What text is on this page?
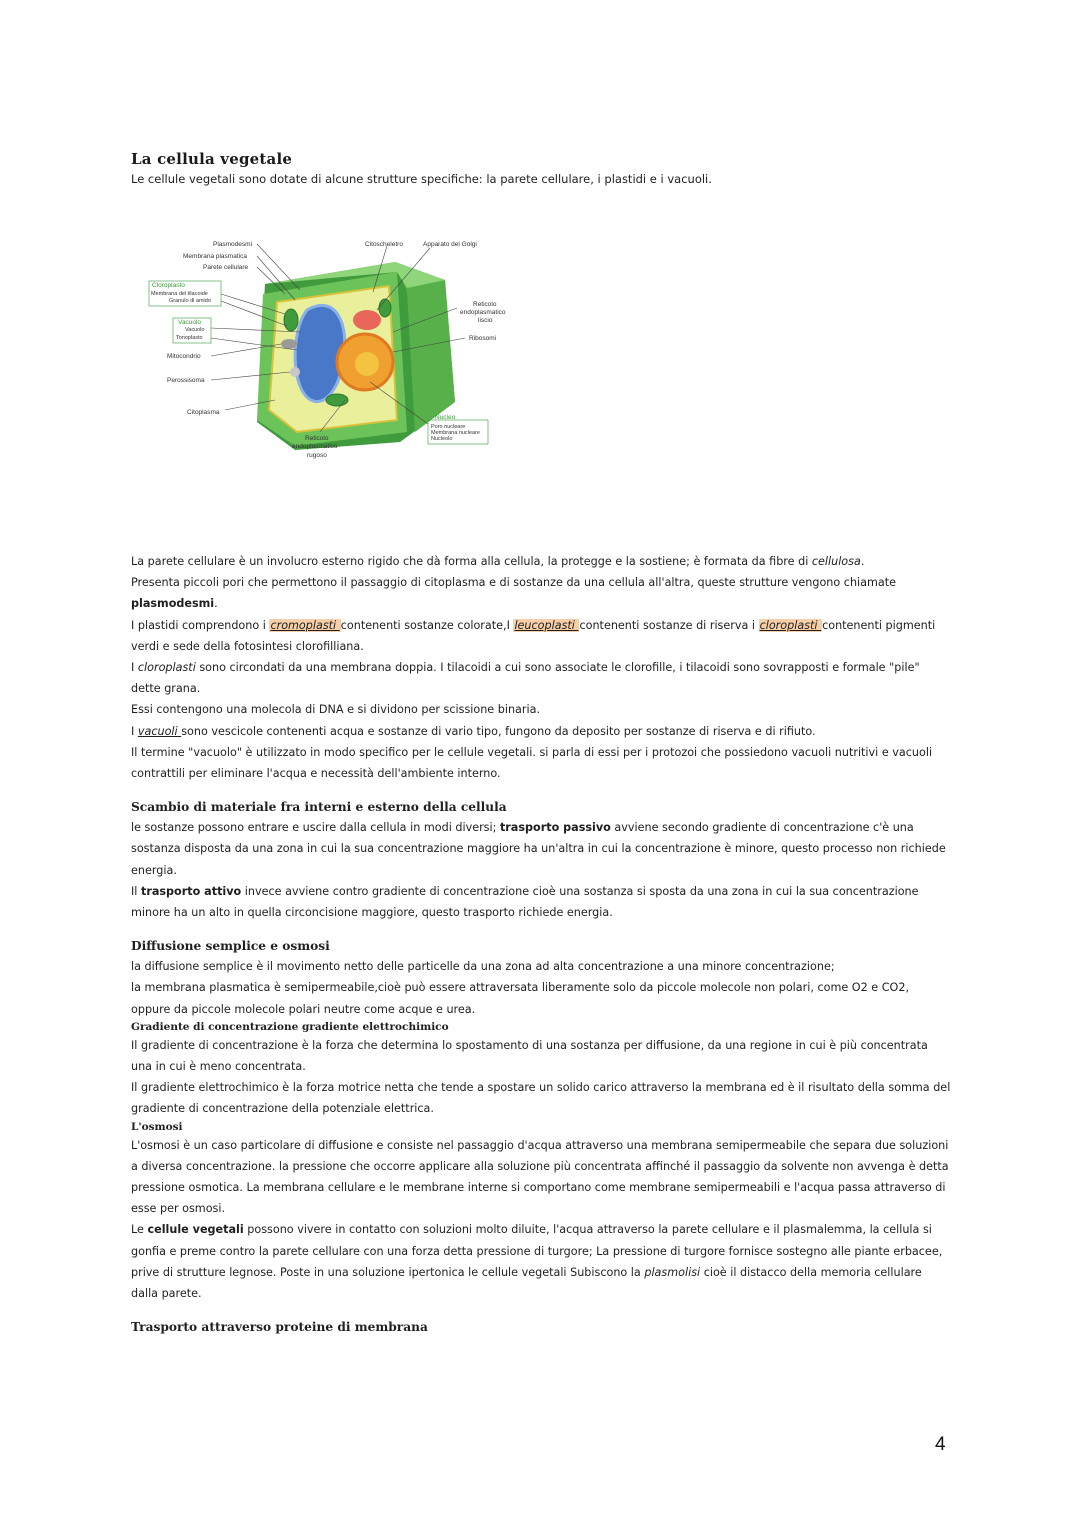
La cellula vegetale
Le cellule vegetali sono dotate di alcune strutture specifiche: la parete cellulare, i plastidi e i vacuoli.
Plasmodesmi
Membrana plasmatica
Parete cellulare
Cloroplasto
Membrana del tilacoide
Granulo di amido
Vacuolo
Vacuolo
Tonoplasto
Mitocondrio
Perossisoma
Citoplasma
Citoscheletro	Apparato del Golgi
Reticolo
endoplasmatico
liscio
Ribosomi
Reticolo
endoplasmatico
rugoso
Nucleo
Poro nucleare
Membrana nucleare
Nucleolo

La parete cellulare è un involucro esterno rigido che dà forma alla cellula, la protegge e la sostiene; è formata da fibre di cellulosa.

Presenta piccoli pori che permettono il passaggio di citoplasma e di sostanze da una cellula all'altra, queste strutture vengono chiamate plasmodesmi.

I plastidi comprendono i cromoplasti contenenti sostanze colorate,I leucoplasti contenenti sostanze di riserva i cloroplasti contenenti pigmenti verdi e sede della fotosintesi clorofilliana.

I cloroplasti sono circondati da una membrana doppia. I tilacoidi a cui sono associate le clorofille, i tilacoidi sono sovrapposti e formale "pile" dette grana.

Essi contengono una molecola di DNA e si dividono per scissione binaria.

I vacuoli sono vescicole contenenti acqua e sostanze di vario tipo, fungono da deposito per sostanze di riserva e di rifiuto.

Il termine "vacuolo" è utilizzato in modo specifico per le cellule vegetali. si parla di essi per i protozoi che possiedono vacuoli nutritivi e vacuoli contrattili per eliminare l'acqua e necessità dell'ambiente interno.

Scambio di materiale fra interni e esterno della cellula

le sostanze possono entrare e uscire dalla cellula in modi diversi; trasporto passivo avviene secondo gradiente di concentrazione c'è una sostanza disposta da una zona in cui la sua concentrazione maggiore ha un'altra in cui la concentrazione è minore, questo processo non richiede energia.

Il trasporto attivo invece avviene contro gradiente di concentrazione cioè una sostanza si sposta da una zona in cui la sua concentrazione minore ha un alto in quella circoncisione maggiore, questo trasporto richiede energia.

Diffusione semplice e osmosi

la diffusione semplice è il movimento netto delle particelle da una zona ad alta concentrazione a una minore concentrazione;

la membrana plasmatica è semipermeabile,cioè può essere attraversata liberamente solo da piccole molecole non polari, come O2 e CO2, oppure da piccole molecole polari neutre come acque e urea.

Gradiente di concentrazione gradiente elettrochimico

Il gradiente di concentrazione è la forza che determina lo spostamento di una sostanza per diffusione, da una regione in cui è più concentrata una in cui è meno concentrata.

Il gradiente elettrochimico è la forza motrice netta che tende a spostare un solido carico attraverso la membrana ed è il risultato della somma del gradiente di concentrazione della potenziale elettrica.

L'osmosi

L'osmosi è un caso particolare di diffusione e consiste nel passaggio d'acqua attraverso una membrana semipermeabile che separa due soluzioni a diversa concentrazione. la pressione che occorre applicare alla soluzione più concentrata affinché il passaggio da solvente non avvenga è detta pressione osmotica. La membrana cellulare e le membrane interne si comportano come membrane semipermeabili e l'acqua passa attraverso di esse per osmosi.

Le cellule vegetali possono vivere in contatto con soluzioni molto diluite, l'acqua attraverso la parete cellulare e il plasmalemma, la cellula si gonfia e preme contro la parete cellulare con una forza detta pressione di turgore; La pressione di turgore fornisce sostegno alle piante erbacee, prive di strutture legnose. Poste in una soluzione ipertonica le cellule vegetali Subiscono la plasmolisi cioè il distacco della memoria cellulare dalla parete.

Trasporto attraverso proteine di membrana

4
